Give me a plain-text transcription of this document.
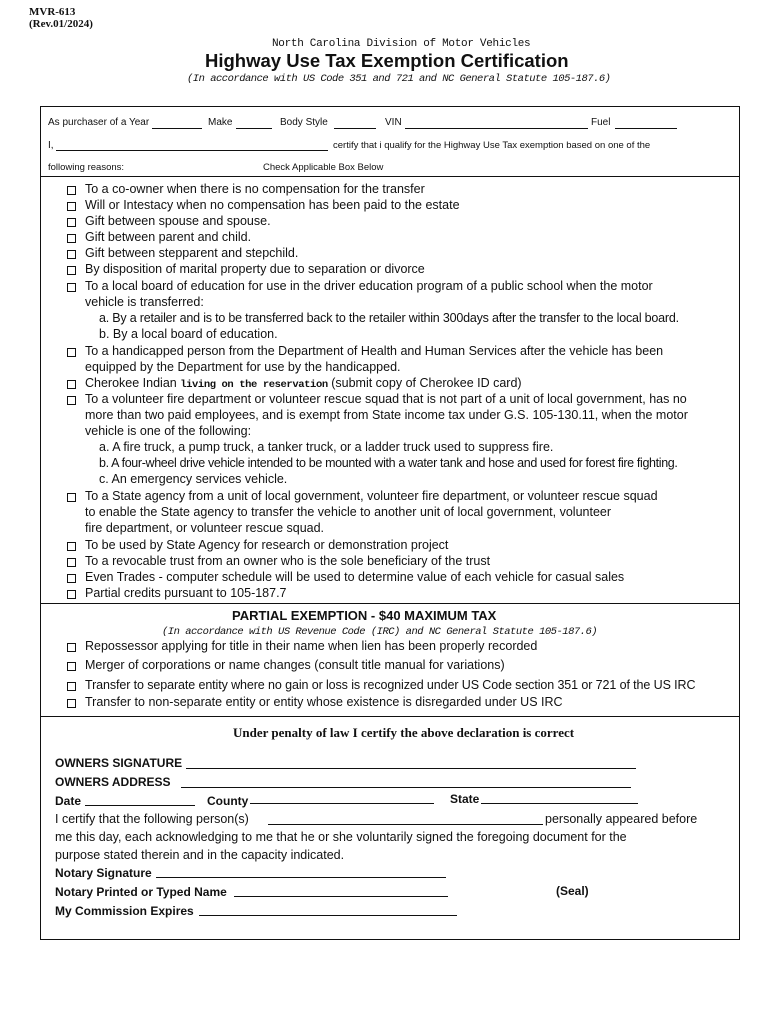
MVR-613
(Rev.01/2024)
North Carolina Division of Motor Vehicles
Highway Use Tax Exemption Certification
(In accordance with US Code 351 and 721 and NC General Statute 105-187.6)
As purchaser of a Year	Make	Body Style	VIN	Fuel
I,	certify that i qualify for the Highway Use Tax exemption based on one of the
following reasons:	Check Applicable Box Below
To a co-owner when there is no compensation for the transfer
Will or Intestacy when no compensation has been paid to the estate
Gift between spouse and spouse.
Gift between parent and child.
Gift between stepparent and stepchild.
By disposition of marital property due to separation or divorce
To a local board of education for use in the driver education program of a public school when the motor
vehicle is transferred:
a. By a retailer and is to be transferred back to the retailer within 300days after the transfer to the local board.
b. By a local board of education.
To a handicapped person from the Department of Health and Human Services after the vehicle has been
equipped by the Department for use by the handicapped.
Cherokee Indian living on the reservation (submit copy of Cherokee ID card)
To a volunteer fire department or volunteer rescue squad that is not part of a unit of local government, has no
more than two paid employees, and is exempt from State income tax under G.S. 105-130.11, when the motor
vehicle is one of the following:
a. A fire truck, a pump truck, a tanker truck, or a ladder truck used to suppress fire.
b. A four-wheel drive vehicle intended to be mounted with a water tank and hose and used for forest fire fighting.
c. An emergency services vehicle.
To a State agency from a unit of local government, volunteer fire department, or volunteer rescue squad
to enable the State agency to transfer the vehicle to another unit of local government, volunteer
fire department, or volunteer rescue squad.
To be used by State Agency for research or demonstration project
To a revocable trust from an owner who is the sole beneficiary of the trust
Even Trades - computer schedule will be used to determine value of each vehicle for casual sales
Partial credits pursuant to 105-187.7
PARTIAL EXEMPTION - $40 MAXIMUM TAX
(In accordance with US Revenue Code (IRC) and NC General Statute 105-187.6)
Repossessor applying for title in their name when lien has been properly recorded
Merger of corporations or name changes (consult title manual for variations)
Transfer to separate entity where no gain or loss is recognized under US Code section 351 or 721 of the US IRC
Transfer to non-separate entity or entity whose existence is disregarded under US IRC
Under penalty of law I certify the above declaration is correct
OWNERS SIGNATURE
OWNERS ADDRESS
Date	County	State
I certify that the following person(s)	personally appeared before
me this day, each acknowledging to me that he or she voluntarily signed the foregoing document for the
purpose stated therein and in the capacity indicated.
Notary Signature
Notary Printed or Typed Name	(Seal)
My Commission Expires
